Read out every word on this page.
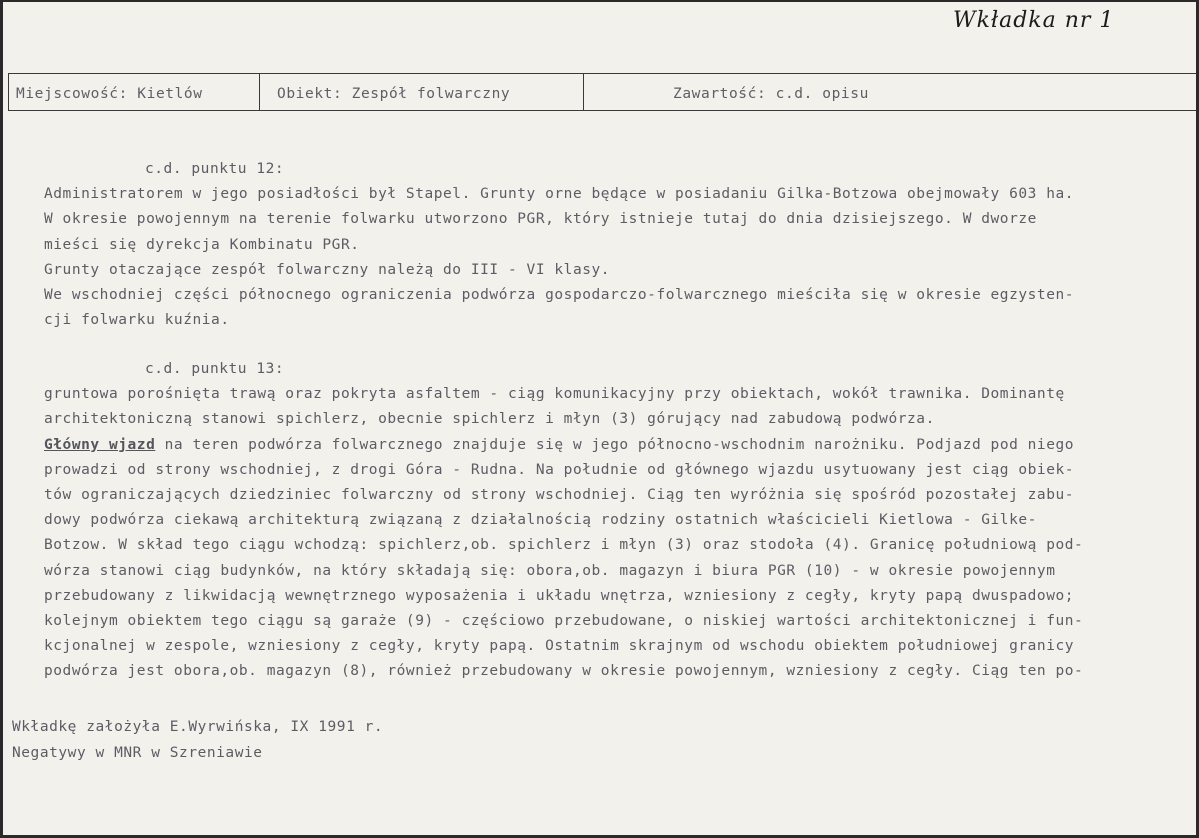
Wkładka nr 1
Miejscowość: Kietlów	Obiekt: Zespół folwarczny	Zawartość: c.d. opisu
c.d. punktu 12:
Administratorem w jego posiadłości był Stapel. Grunty orne będące w posiadaniu Gilka-Botzowa obejmowały 603 ha.
W okresie powojennym na terenie folwarku utworzono PGR, który istnieje tutaj do dnia dzisiejszego. W dworze
mieści się dyrekcja Kombinatu PGR.
Grunty otaczające zespół folwarczny należą do III - VI klasy.
We wschodniej części północnego ograniczenia podwórza gospodarczo-folwarcznego mieściła się w okresie egzysten-
cji folwarku kuźnia.
c.d. punktu 13:
gruntowa porośnięta trawą oraz pokryta asfaltem - ciąg komunikacyjny przy obiektach, wokół trawnika. Dominantę
architektoniczną stanowi spichlerz, obecnie spichlerz i młyn (3) górujący nad zabudową podwórza.
Główny wjazd na teren podwórza folwarcznego znajduje się w jego północno-wschodnim narożniku. Podjazd pod niego
prowadzi od strony wschodniej, z drogi Góra - Rudna. Na południe od głównego wjazdu usytuowany jest ciąg obiek-
tów ograniczających dziedziniec folwarczny od strony wschodniej. Ciąg ten wyróżnia się spośród pozostałej zabu-
dowy podwórza ciekawą architekturą związaną z działalnością rodziny ostatnich właścicieli Kietlowa - Gilke-
Botzow. W skład tego ciągu wchodzą: spichlerz,ob. spichlerz i młyn (3) oraz stodoła (4). Granicę południową pod-
wórza stanowi ciąg budynków, na który składają się: obora,ob. magazyn i biura PGR (10) - w okresie powojennym
przebudowany z likwidacją wewnętrznego wyposażenia i układu wnętrza, wzniesiony z cegły, kryty papą dwuspadowo;
kolejnym obiektem tego ciągu są garaże (9) - częściowo przebudowane, o niskiej wartości architektonicznej i fun-
kcjonalnej w zespole, wzniesiony z cegły, kryty papą. Ostatnim skrajnym od wschodu obiektem południowej granicy
podwórza jest obora,ob. magazyn (8), również przebudowany w okresie powojennym, wzniesiony z cegły. Ciąg ten po-
Wkładkę założyła E.Wyrwińska, IX 1991 r.
Negatywy w MNR w Szreniawie
